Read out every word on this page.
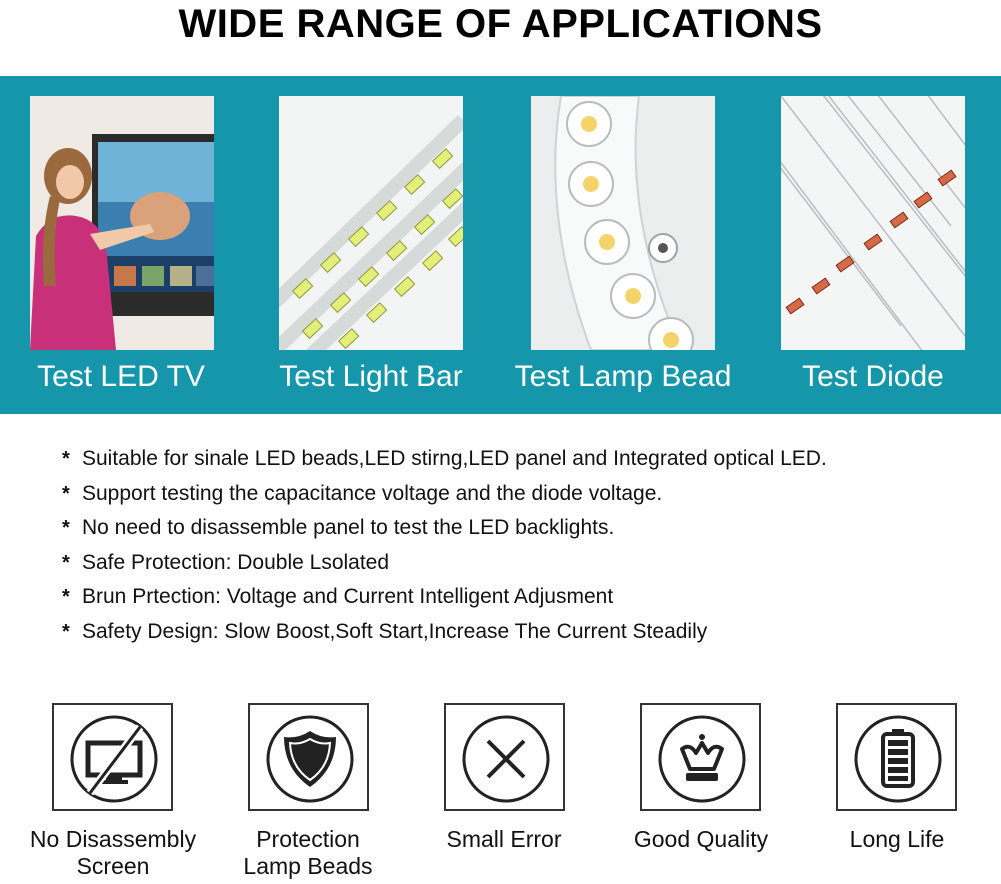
WIDE RANGE OF APPLICATIONS
Test LED TV	Test Light Bar	Test Lamp Bead	Test Diode
* Suitable for sinale LED beads,LED stirng,LED panel and Integrated optical LED.
* Support testing the capacitance voltage and the diode voltage.
* No need to disassemble panel to test the LED backlights.
* Safe Protection: Double Lsolated
* Brun Prtection: Voltage and Current Intelligent Adjusment
* Safety Design: Slow Boost,Soft Start,Increase The Current Steadily
No Disassembly
Screen
Protection
Lamp Beads
Small Error	Good Quality	Long Life
